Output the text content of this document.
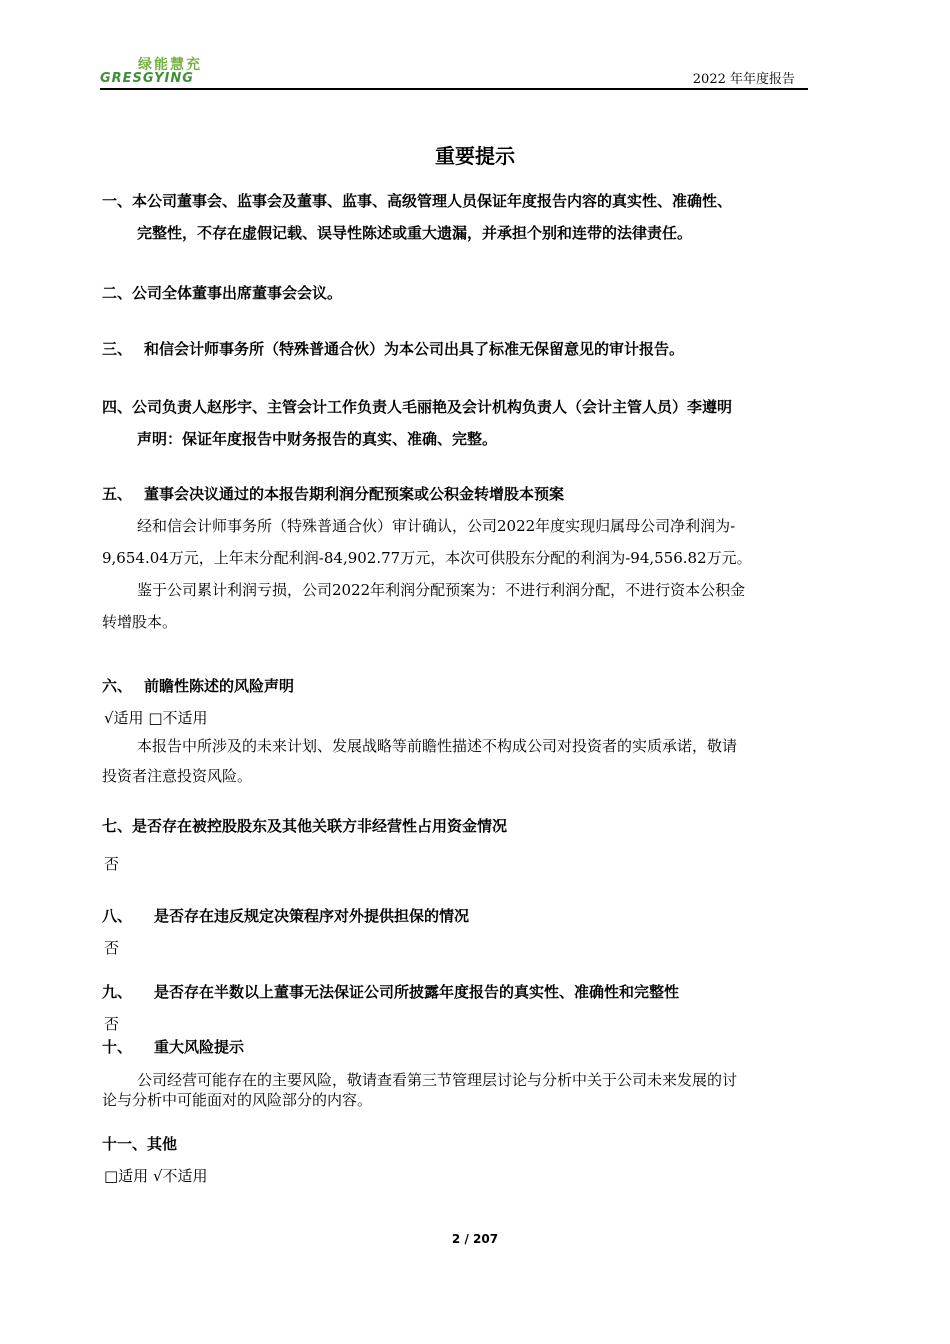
绿能慧充
GRESGYING	2022 年年度报告
重要提示
一、本公司董事会、监事会及董事、监事、高级管理人员保证年度报告内容的真实性、准确性、
完整性，不存在虚假记载、误导性陈述或重大遗漏，并承担个别和连带的法律责任。
二、公司全体董事出席董事会会议。
三、 和信会计师事务所（特殊普通合伙）为本公司出具了标准无保留意见的审计报告。
四、公司负责人赵彤宇、主管会计工作负责人毛丽艳及会计机构负责人（会计主管人员）李遵明
声明：保证年度报告中财务报告的真实、准确、完整。
五、 董事会决议通过的本报告期利润分配预案或公积金转增股本预案
经和信会计师事务所（特殊普通合伙）审计确认，公司2022年度实现归属母公司净利润为-
9,654.04万元，上年末分配利润-84,902.77万元，本次可供股东分配的利润为-94,556.82万元。
鉴于公司累计利润亏损，公司2022年利润分配预案为：不进行利润分配，不进行资本公积金
转增股本。
六、 前瞻性陈述的风险声明
√适用 □不适用
本报告中所涉及的未来计划、发展战略等前瞻性描述不构成公司对投资者的实质承诺，敬请
投资者注意投资风险。
七、是否存在被控股股东及其他关联方非经营性占用资金情况
否
八、 是否存在违反规定决策程序对外提供担保的情况
否
九、 是否存在半数以上董事无法保证公司所披露年度报告的真实性、准确性和完整性
否
十、 重大风险提示
公司经营可能存在的主要风险，敬请查看第三节管理层讨论与分析中关于公司未来发展的讨
论与分析中可能面对的风险部分的内容。
十一、其他
□适用 √不适用
2 / 207
